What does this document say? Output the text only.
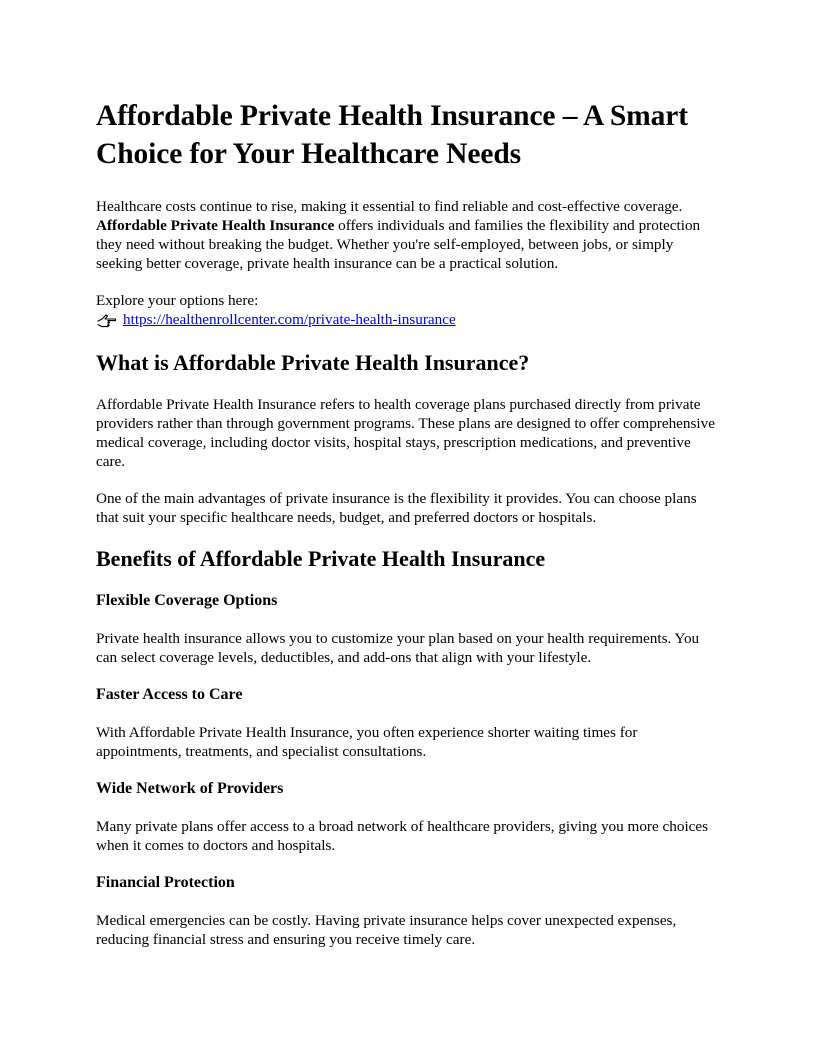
Affordable Private Health Insurance – A Smart Choice for Your Healthcare Needs

Healthcare costs continue to rise, making it essential to find reliable and cost-effective coverage. Affordable Private Health Insurance offers individuals and families the flexibility and protection they need without breaking the budget. Whether you're self-employed, between jobs, or simply seeking better coverage, private health insurance can be a practical solution.

Explore your options here:

https://healthenrollcenter.com/private-health-insurance
What is Affordable Private Health Insurance?

Affordable Private Health Insurance refers to health coverage plans purchased directly from private providers rather than through government programs. These plans are designed to offer comprehensive medical coverage, including doctor visits, hospital stays, prescription medications, and preventive care.

One of the main advantages of private insurance is the flexibility it provides. You can choose plans that suit your specific healthcare needs, budget, and preferred doctors or hospitals.

Benefits of Affordable Private Health Insurance
Flexible Coverage Options

Private health insurance allows you to customize your plan based on your health requirements. You can select coverage levels, deductibles, and add-ons that align with your lifestyle.

Faster Access to Care

With Affordable Private Health Insurance, you often experience shorter waiting times for appointments, treatments, and specialist consultations.

Wide Network of Providers

Many private plans offer access to a broad network of healthcare providers, giving you more choices when it comes to doctors and hospitals.

Financial Protection

Medical emergencies can be costly. Having private insurance helps cover unexpected expenses, reducing financial stress and ensuring you receive timely care.
